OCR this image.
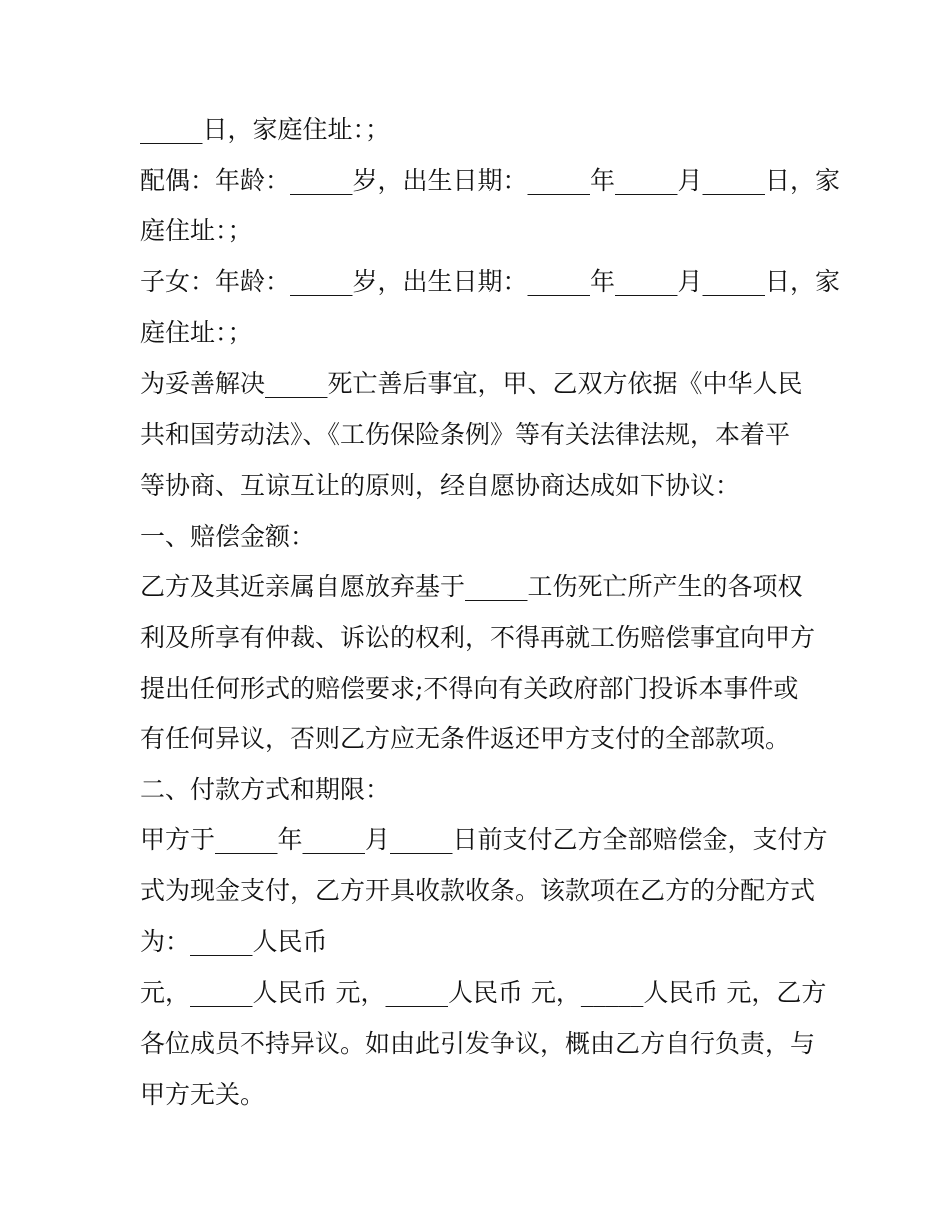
_____日，家庭住址：；
配偶：年龄：_____岁，出生日期：_____年_____月_____日，家
庭住址：；
子女：年龄：_____岁，出生日期：_____年_____月_____日，家
庭住址：；
为妥善解决_____死亡善后事宜，甲、乙双方依据《中华人民
共和国劳动法》、《工伤保险条例》等有关法律法规，本着平
等协商、互谅互让的原则，经自愿协商达成如下协议：
一、赔偿金额：
乙方及其近亲属自愿放弃基于_____工伤死亡所产生的各项权
利及所享有仲裁、诉讼的权利，不得再就工伤赔偿事宜向甲方
提出任何形式的赔偿要求;不得向有关政府部门投诉本事件或
有任何异议，否则乙方应无条件返还甲方支付的全部款项。
二、付款方式和期限：
甲方于_____年_____月_____日前支付乙方全部赔偿金，支付方
式为现金支付，乙方开具收款收条。该款项在乙方的分配方式
为：_____人民币
元，_____人民币 元，_____人民币 元，_____人民币 元，乙方
各位成员不持异议。如由此引发争议，概由乙方自行负责，与
甲方无关。
